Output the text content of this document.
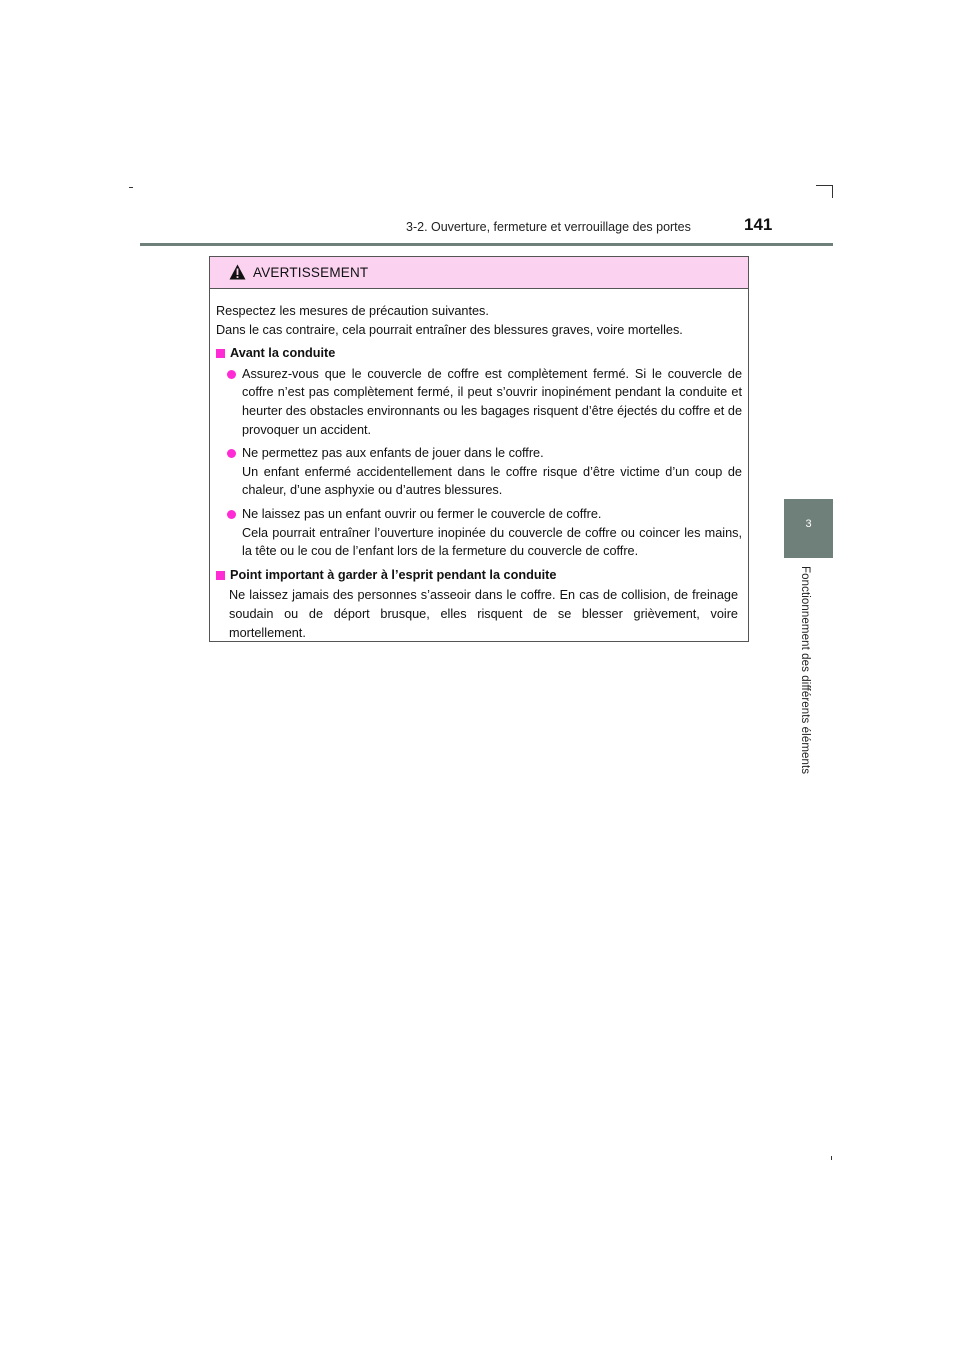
3-2. Ouverture, fermeture et verrouillage des portes	141
3
Fonctionnement des différents éléments
AVERTISSEMENT

Respectez les mesures de précaution suivantes.

Dans le cas contraire, cela pourrait entraîner des blessures graves, voire mortelles.

Avant la conduite

Assurez-vous que le couvercle de coffre est complètement fermé. Si le couvercle de coffre n’est pas complètement fermé, il peut s’ouvrir inopinément pendant la conduite et heurter des obstacles environnants ou les bagages risquent d’être éjectés du coffre et de provoquer un accident.

Ne permettez pas aux enfants de jouer dans le coffre.
Un enfant enfermé accidentellement dans le coffre risque d’être victime d’un coup de chaleur, d’une asphyxie ou d’autres blessures.

Ne laissez pas un enfant ouvrir ou fermer le couvercle de coffre.
Cela pourrait entraîner l’ouverture inopinée du couvercle de coffre ou coincer les mains, la tête ou le cou de l’enfant lors de la fermeture du couvercle de coffre.

Point important à garder à l’esprit pendant la conduite

Ne laissez jamais des personnes s’asseoir dans le coffre. En cas de collision, de freinage soudain ou de déport brusque, elles risquent de se blesser grièvement, voire mortellement.
